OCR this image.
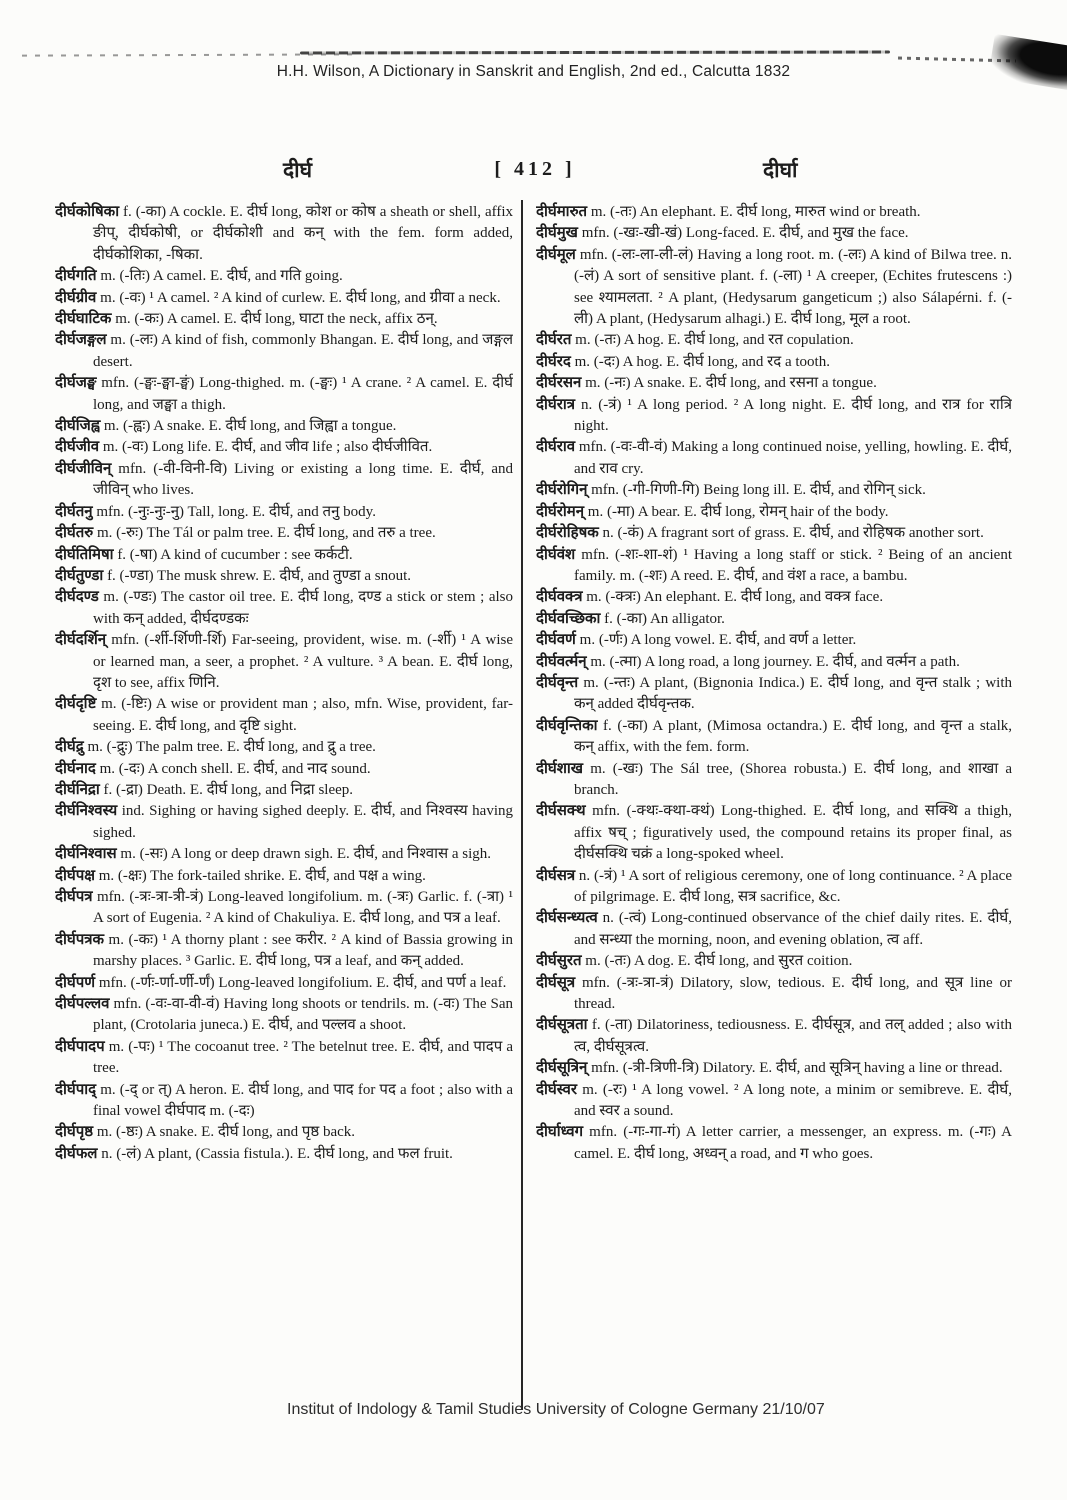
H.H. Wilson, A Dictionary in Sanskrit and English, 2nd ed., Calcutta 1832
दीर्घ	[ 412 ]	दीर्घा

दीर्घकोषिका f. (-का) A cockle. E. दीर्घ long, कोश or कोष a sheath or shell, affix ङीप्, दीर्घकोषी, or दीर्घकोशी and कन् with the fem. form added, दीर्घकोशिका, -षिका.

दीर्घगति m. (-तिः) A camel. E. दीर्घ, and गति going.

दीर्घग्रीव m. (-वः) ¹ A camel. ² A kind of curlew. E. दीर्घ long, and ग्रीवा a neck.

दीर्घघाटिक m. (-कः) A camel. E. दीर्घ long, घाटा the neck, affix ठन्.

दीर्घजङ्गल m. (-लः) A kind of fish, commonly Bhangan. E. दीर्घ long, and जङ्गल desert.

दीर्घजङ्घ mfn. (-ङ्घः-ङ्घा-ङ्घं) Long-thighed. m. (-ङ्घः) ¹ A crane. ² A camel. E. दीर्घ long, and जङ्घा a thigh.

दीर्घजिह्व m. (-ह्वः) A snake. E. दीर्घ long, and जिह्वा a tongue.

दीर्घजीव m. (-वः) Long life. E. दीर्घ, and जीव life ; also दीर्घजीवित.

दीर्घजीविन् mfn. (-वी-विनी-वि) Living or existing a long time. E. दीर्घ, and जीविन् who lives.

दीर्घतनु mfn. (-नुः-नुः-नु) Tall, long. E. दीर्घ, and तनु body.

दीर्घतरु m. (-रुः) The Tál or palm tree. E. दीर्घ long, and तरु a tree.

दीर्घतिमिषा f. (-षा) A kind of cucumber : see कर्कटी.

दीर्घतुण्डा f. (-ण्डा) The musk shrew. E. दीर्घ, and तुण्डा a snout.

दीर्घदण्ड m. (-ण्डः) The castor oil tree. E. दीर्घ long, दण्ड a stick or stem ; also with कन् added, दीर्घदण्डकः

दीर्घदर्शिन् mfn. (-र्शी-र्शिणी-र्शि) Far-seeing, provident, wise. m. (-र्शी) ¹ A wise or learned man, a seer, a prophet. ² A vulture. ³ A bean. E. दीर्घ long, दृश to see, affix णिनि.

दीर्घदृष्टि m. (-ष्टिः) A wise or provident man ; also, mfn. Wise, provident, far-seeing. E. दीर्घ long, and दृष्टि sight.

दीर्घद्रु m. (-द्रुः) The palm tree. E. दीर्घ long, and द्रु a tree.

दीर्घनाद m. (-दः) A conch shell. E. दीर्घ, and नाद sound.

दीर्घनिद्रा f. (-द्रा) Death. E. दीर्घ long, and निद्रा sleep.

दीर्घनिश्वस्य ind. Sighing or having sighed deeply. E. दीर्घ, and निश्वस्य having sighed.

दीर्घनिश्वास m. (-सः) A long or deep drawn sigh. E. दीर्घ, and निश्वास a sigh.

दीर्घपक्ष m. (-क्षः) The fork-tailed shrike. E. दीर्घ, and पक्ष a wing.

दीर्घपत्र mfn. (-त्रः-त्रा-त्री-त्रं) Long-leaved longifolium. m. (-त्रः) Garlic. f. (-त्रा) ¹ A sort of Eugenia. ² A kind of Chakuliya. E. दीर्घ long, and पत्र a leaf.

दीर्घपत्रक m. (-कः) ¹ A thorny plant : see करीर. ² A kind of Bassia growing in marshy places. ³ Garlic. E. दीर्घ long, पत्र a leaf, and कन् added.

दीर्घपर्ण mfn. (-र्णः-र्णा-र्णी-र्णं) Long-leaved longifolium. E. दीर्घ, and पर्ण a leaf.

दीर्घपल्लव mfn. (-वः-वा-वी-वं) Having long shoots or tendrils. m. (-वः) The San plant, (Crotolaria juneca.) E. दीर्घ, and पल्लव a shoot.

दीर्घपादप m. (-पः) ¹ The cocoanut tree. ² The betelnut tree. E. दीर्घ, and पादप a tree.

दीर्घपाद् m. (-द् or त्) A heron. E. दीर्घ long, and पाद for पद a foot ; also with a final vowel दीर्घपाद m. (-दः)

दीर्घपृष्ठ m. (-ष्ठः) A snake. E. दीर्घ long, and पृष्ठ back.

दीर्घफल n. (-लं) A plant, (Cassia fistula.). E. दीर्घ long, and फल fruit.

दीर्घमारुत m. (-तः) An elephant. E. दीर्घ long, मारुत wind or breath.

दीर्घमुख mfn. (-खः-खी-खं) Long-faced. E. दीर्घ, and मुख the face.

दीर्घमूल mfn. (-लः-ला-ली-लं) Having a long root. m. (-लः) A kind of Bilwa tree. n. (-लं) A sort of sensitive plant. f. (-ला) ¹ A creeper, (Echites frutescens :) see श्यामलता. ² A plant, (Hedysarum gangeticum ;) also Sálapérni. f. (-ली) A plant, (Hedysarum alhagi.) E. दीर्घ long, मूल a root.

दीर्घरत m. (-तः) A hog. E. दीर्घ long, and रत copulation.

दीर्घरद m. (-दः) A hog. E. दीर्घ long, and रद a tooth.

दीर्घरसन m. (-नः) A snake. E. दीर्घ long, and रसना a tongue.

दीर्घरात्र n. (-त्रं) ¹ A long period. ² A long night. E. दीर्घ long, and रात्र for रात्रि night.

दीर्घराव mfn. (-वः-वी-वं) Making a long continued noise, yelling, howling. E. दीर्घ, and राव cry.

दीर्घरोगिन् mfn. (-गी-गिणी-गि) Being long ill. E. दीर्घ, and रोगिन् sick.

दीर्घरोमन् m. (-मा) A bear. E. दीर्घ long, रोमन् hair of the body.

दीर्घरोहिषक n. (-कं) A fragrant sort of grass. E. दीर्घ, and रोहिषक another sort.

दीर्घवंश mfn. (-शः-शा-शं) ¹ Having a long staff or stick. ² Being of an ancient family. m. (-शः) A reed. E. दीर्घ, and वंश a race, a bambu.

दीर्घवक्त्र m. (-क्त्रः) An elephant. E. दीर्घ long, and वक्त्र face.

दीर्घवच्छिका f. (-का) An alligator.

दीर्घवर्ण m. (-र्णः) A long vowel. E. दीर्घ, and वर्ण a letter.

दीर्घवर्त्मन् m. (-त्मा) A long road, a long journey. E. दीर्घ, and वर्त्मन a path.

दीर्घवृन्त m. (-न्तः) A plant, (Bignonia Indica.) E. दीर्घ long, and वृन्त stalk ; with कन् added दीर्घवृन्तक.

दीर्घवृन्तिका f. (-का) A plant, (Mimosa octandra.) E. दीर्घ long, and वृन्त a stalk, कन् affix, with the fem. form.

दीर्घशाख m. (-खः) The Sál tree, (Shorea robusta.) E. दीर्घ long, and शाखा a branch.

दीर्घसक्थ mfn. (-क्थः-क्था-क्थं) Long-thighed. E. दीर्घ long, and सक्थि a thigh, affix षच् ; figuratively used, the compound retains its proper final, as दीर्घसक्थि चक्रं a long-spoked wheel.

दीर्घसत्र n. (-त्रं) ¹ A sort of religious ceremony, one of long continuance. ² A place of pilgrimage. E. दीर्घ long, सत्र sacrifice, &c.

दीर्घसन्ध्यत्व n. (-त्वं) Long-continued observance of the chief daily rites. E. दीर्घ, and सन्ध्या the morning, noon, and evening oblation, त्व aff.

दीर्घसुरत m. (-तः) A dog. E. दीर्घ long, and सुरत coition.

दीर्घसूत्र mfn. (-त्रः-त्रा-त्रं) Dilatory, slow, tedious. E. दीर्घ long, and सूत्र line or thread.

दीर्घसूत्रता f. (-ता) Dilatoriness, tediousness. E. दीर्घसूत्र, and तल् added ; also with त्व, दीर्घसूत्रत्व.

दीर्घसूत्रिन् mfn. (-त्री-त्रिणी-त्रि) Dilatory. E. दीर्घ, and सूत्रिन् having a line or thread.

दीर्घस्वर m. (-रः) ¹ A long vowel. ² A long note, a minim or semibreve. E. दीर्घ, and स्वर a sound.

दीर्घाध्वग mfn. (-गः-गा-गं) A letter carrier, a messenger, an express. m. (-गः) A camel. E. दीर्घ long, अध्वन् a road, and ग who goes.

Institut of Indology & Tamil Studies University of Cologne Germany 21/10/07
